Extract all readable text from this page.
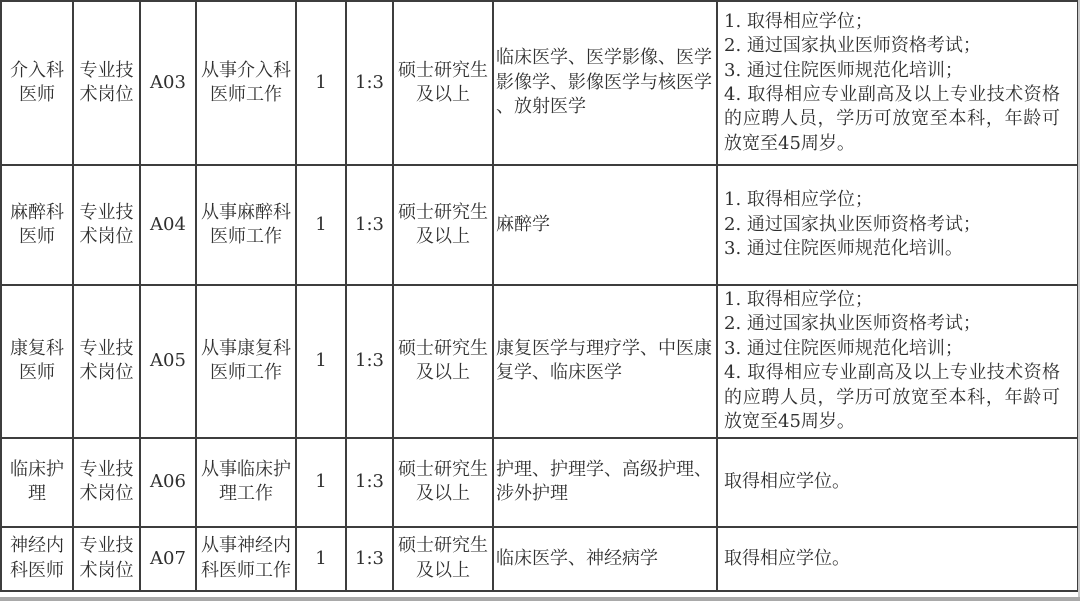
介入科医师	专业技术岗位	A03	从事介入科医师工作	1	1:3	硕士研究生及以上	临床医学、医学影像、医学影像学、影像医学与核医学、放射医学	1. 取得相应学位；
2. 通过国家执业医师资格考试；
3. 通过住院医师规范化培训；
4. 取得相应专业副高及以上专业技术资格的应聘人员，学历可放宽至本科，年龄可放宽至45周岁。

麻醉科医师	专业技术岗位	A04	从事麻醉科医师工作	1	1:3	硕士研究生及以上	麻醉学	1. 取得相应学位；
2. 通过国家执业医师资格考试；
3. 通过住院医师规范化培训。

康复科医师	专业技术岗位	A05	从事康复科医师工作	1	1:3	硕士研究生及以上	康复医学与理疗学、中医康复学、临床医学	1. 取得相应学位；
2. 通过国家执业医师资格考试；
3. 通过住院医师规范化培训；
4. 取得相应专业副高及以上专业技术资格的应聘人员，学历可放宽至本科，年龄可放宽至45周岁。

临床护理	专业技术岗位	A06	从事临床护理工作	1	1:3	硕士研究生及以上	护理、护理学、高级护理、涉外护理	取得相应学位。

神经内科医师	专业技术岗位	A07	从事神经内科医师工作	1	1:3	硕士研究生及以上	临床医学、神经病学	取得相应学位。
